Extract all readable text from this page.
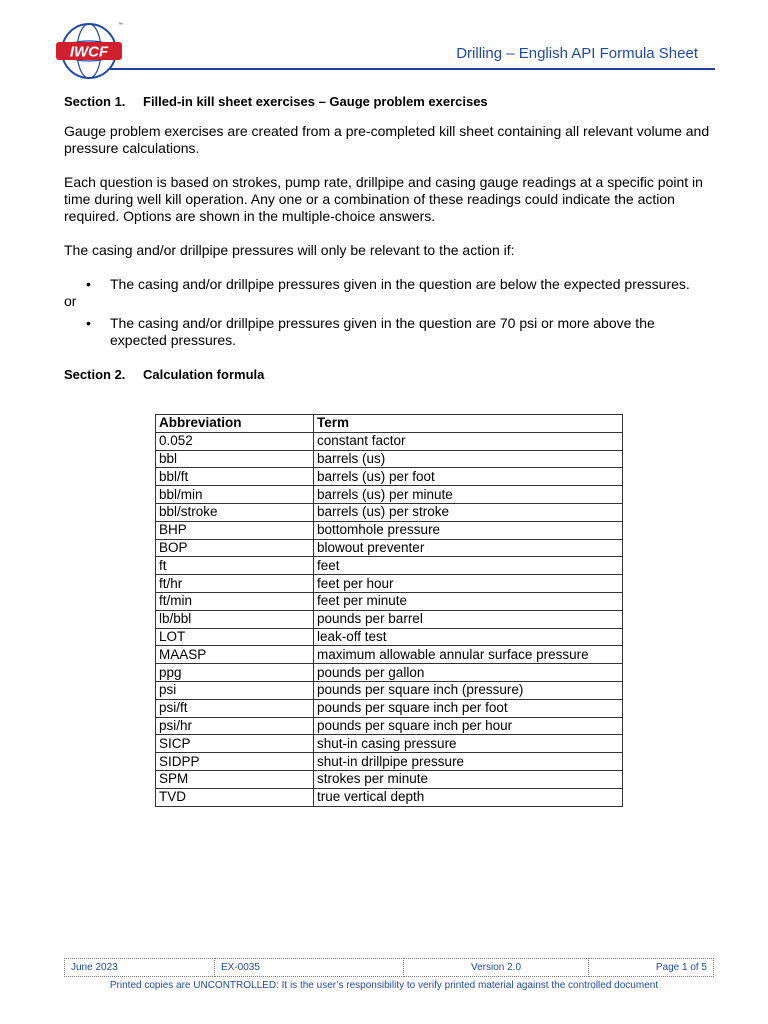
IWCF
™
Drilling – English API Formula Sheet
Section 1. Filled-in kill sheet exercises – Gauge problem exercises

Gauge problem exercises are created from a pre-completed kill sheet containing all relevant volume and pressure calculations.

Each question is based on strokes, pump rate, drillpipe and casing gauge readings at a specific point in time during well kill operation. Any one or a combination of these readings could indicate the action required. Options are shown in the multiple-choice answers.

The casing and/or drillpipe pressures will only be relevant to the action if:

• The casing and/or drillpipe pressures given in the question are below the expected pressures.
or
• The casing and/or drillpipe pressures given in the question are 70 psi or more above the expected pressures.
Section 2. Calculation formula
Abbreviation	Term
0.052	constant factor
bbl	barrels (us)
bbl/ft	barrels (us) per foot
bbl/min	barrels (us) per minute
bbl/stroke	barrels (us) per stroke
BHP	bottomhole pressure
BOP	blowout preventer
ft	feet
ft/hr	feet per hour
ft/min	feet per minute
lb/bbl	pounds per barrel
LOT	leak-off test
MAASP	maximum allowable annular surface pressure
ppg	pounds per gallon
psi	pounds per square inch (pressure)
psi/ft	pounds per square inch per foot
psi/hr	pounds per square inch per hour
SICP	shut-in casing pressure
SIDPP	shut-in drillpipe pressure
SPM	strokes per minute
TVD	true vertical depth
June 2023	EX-0035	Version 2.0	Page 1 of 5
Printed copies are UNCONTROLLED: It is the user’s responsibility to verify printed material against the controlled document
